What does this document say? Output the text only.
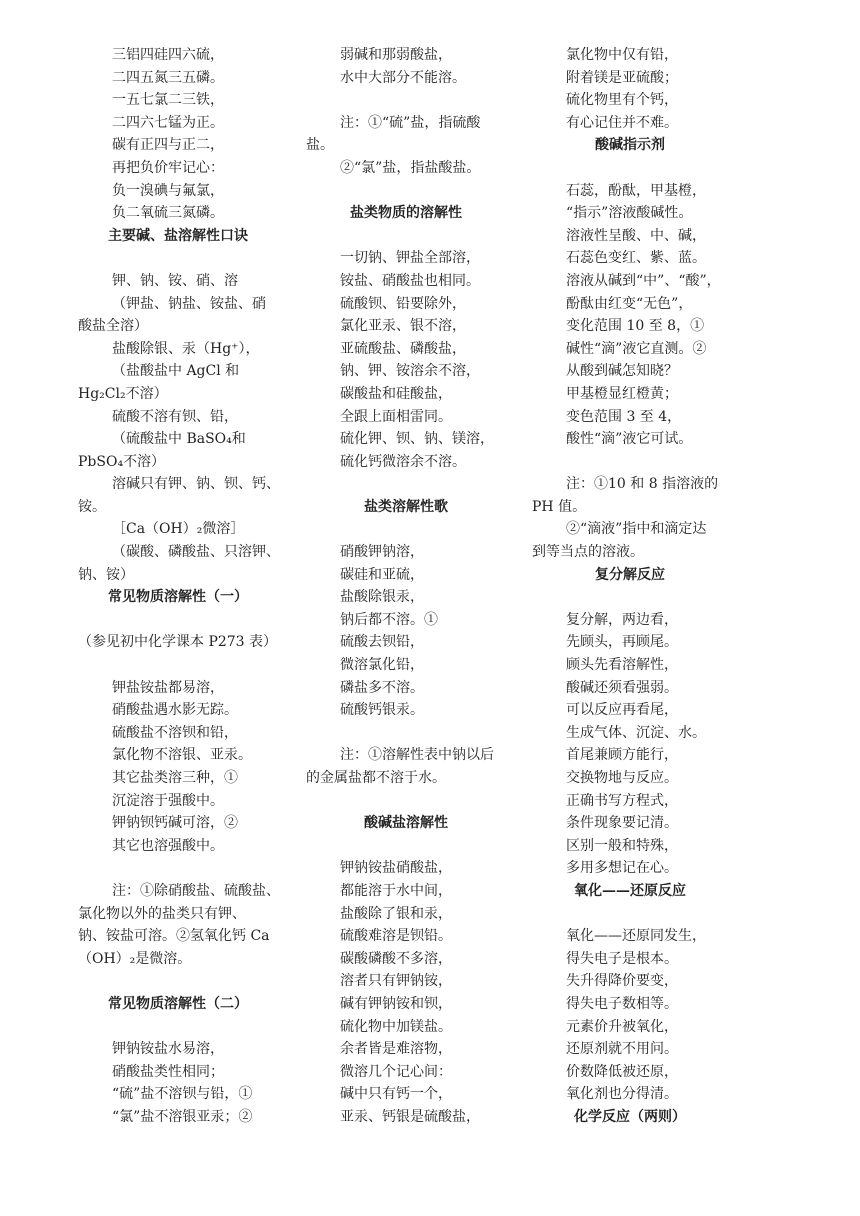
三铝四硅四六硫，
二四五氮三五磷。
一五七氯二三铁，
二四六七锰为正。
碳有正四与正二，
再把负价牢记心：
负一溴碘与氟氯，
负二氧硫三氮磷。
主要碱、盐溶解性口诀
钾、钠、铵、硝、溶
（钾盐、钠盐、铵盐、硝
酸盐全溶）
盐酸除银、汞（Hg⁺），
（盐酸盐中 AgCl 和
Hg₂Cl₂不溶）
硫酸不溶有钡、铅，
（硫酸盐中 BaSO₄和
PbSO₄不溶）
溶碱只有钾、钠、钡、钙、
铵。
［Ca（OH）₂微溶］
（碳酸、磷酸盐、只溶钾、
钠、铵）
常见物质溶解性（一）
（参见初中化学课本 P273 表）
钾盐铵盐都易溶，
硝酸盐遇水影无踪。
硫酸盐不溶钡和铅，
氯化物不溶银、亚汞。
其它盐类溶三种，①
沉淀溶于强酸中。
钾钠钡钙碱可溶，②
其它也溶强酸中。
注：①除硝酸盐、硫酸盐、
氯化物以外的盐类只有钾、
钠、铵盐可溶。②氢氧化钙 Ca
（OH）₂是微溶。
常见物质溶解性（二）
钾钠铵盐水易溶，
硝酸盐类性相同；
“硫”盐不溶钡与铅，①
“氯”盐不溶银亚汞；②
弱碱和那弱酸盐，
水中大部分不能溶。
注：①“硫”盐，指硫酸
盐。
②“氯”盐，指盐酸盐。
盐类物质的溶解性
一切钠、钾盐全部溶，
铵盐、硝酸盐也相同。
硫酸钡、铅要除外，
氯化亚汞、银不溶，
亚硫酸盐、磷酸盐，
钠、钾、铵溶余不溶，
碳酸盐和硅酸盐，
全跟上面相雷同。
硫化钾、钡、钠、镁溶，
硫化钙微溶余不溶。
盐类溶解性歌
硝酸钾钠溶，
碳硅和亚硫，
盐酸除银汞，
钠后都不溶。①
硫酸去钡铅，
微溶氯化铅，
磷盐多不溶。
硫酸钙银汞。
注：①溶解性表中钠以后
的金属盐都不溶于水。
酸碱盐溶解性
钾钠铵盐硝酸盐，
都能溶于水中间，
盐酸除了银和汞，
硫酸难溶是钡铅。
碳酸磷酸不多溶，
溶者只有钾钠铵，
碱有钾钠铵和钡，
硫化物中加镁盐。
余者皆是难溶物，
微溶几个记心间：
碱中只有钙一个，
亚汞、钙银是硫酸盐，
氯化物中仅有铅，
附着镁是亚硫酸；
硫化物里有个钙，
有心记住并不难。
酸碱指示剂
石蕊，酚酞，甲基橙，
“指示”溶液酸碱性。
溶液性呈酸、中、碱，
石蕊色变红、紫、蓝。
溶液从碱到“中”、“酸”，
酚酞由红变“无色”，
变化范围 10 至 8，①
碱性“滴”液它直测。②
从酸到碱怎知晓？
甲基橙显红橙黄；
变色范围 3 至 4，
酸性“滴”液它可试。
注：①10 和 8 指溶液的
PH 值。
②“滴液”指中和滴定达
到等当点的溶液。
复分解反应
复分解，两边看，
先顾头，再顾尾。
顾头先看溶解性，
酸碱还须看强弱。
可以反应再看尾，
生成气体、沉淀、水。
首尾兼顾方能行，
交换物地与反应。
正确书写方程式，
条件现象要记清。
区别一般和特殊，
多用多想记在心。
氧化——还原反应
氧化——还原同发生，
得失电子是根本。
失升得降价要变，
得失电子数相等。
元素价升被氧化，
还原剂就不用问。
价数降低被还原，
氧化剂也分得清。
化学反应（两则）
